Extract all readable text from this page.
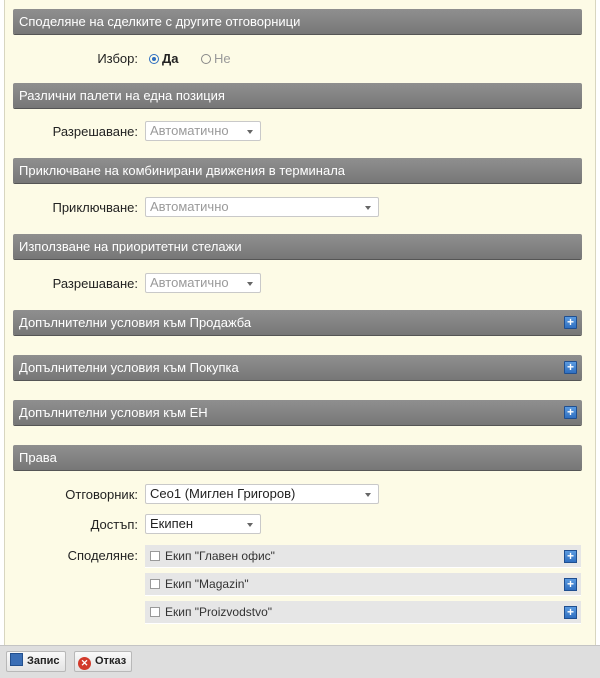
Споделяне на сделките с другите отговорници
Избор:	Да	Не
Различни палети на една позиция
Разрешаване: Автоматично
Приключване на комбинирани движения в терминала
Приключване: Автоматично
Използване на приоритетни стелажи
Разрешаване: Автоматично
Допълнителни условия към Продажба	+
Допълнителни условия към Покупка	+
Допълнителни условия към ЕН	+
Права
Отговорник: Ceo1 (Миглен Григоров)
Достъп: Екипен
Споделяне:	Екип "Главен офис"	+
Екип "Magazin"	+
Екип "Proizvodstvo"	+
Запис	✕ Отказ
